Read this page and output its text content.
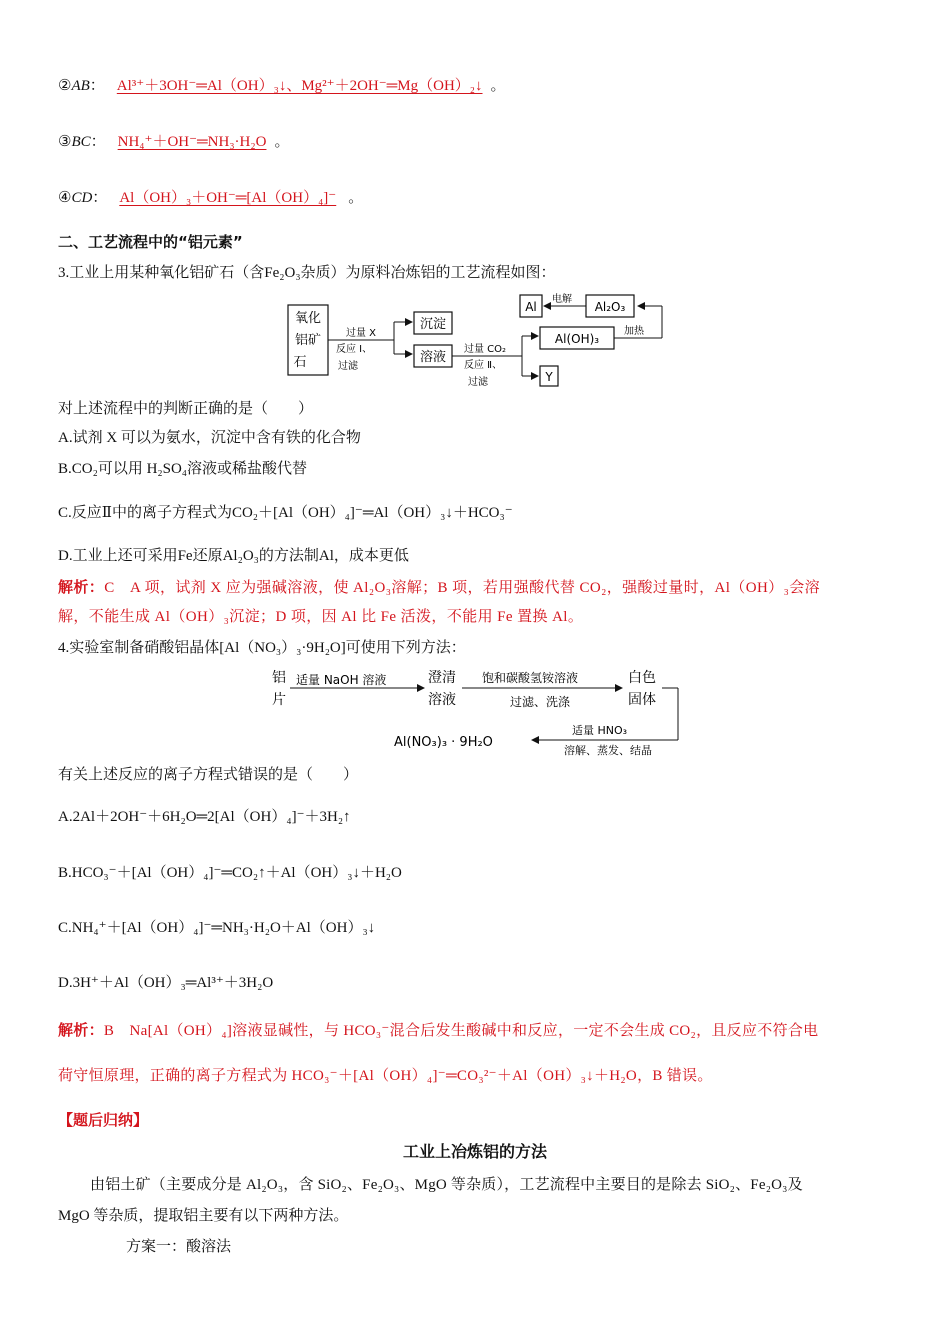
②AB： Al³⁺＋3OH⁻═Al（OH）₃↓、Mg²⁺＋2OH⁻═Mg（OH）₂↓ 。
③BC： NH₄⁺＋OH⁻═NH₃·H₂O 。
④CD： Al（OH）₃＋OH⁻═[Al（OH）₄]⁻ 。
二、工艺流程中的“铝元素”
3.工业上用某种氧化铝矿石（含Fe₂O₃杂质）为原料冶炼铝的工艺流程如图：
氧化
铝矿
石
过量 X
反应 Ⅰ、
过滤
沉淀
溶液
过量 CO₂
反应 Ⅱ、
过滤
Al(OH)₃
Y
加热
Al₂O₃
电解
Al
对上述流程中的判断正确的是（　　）
A.试剂 X 可以为氨水，沉淀中含有铁的化合物
B.CO₂可以用 H₂SO₄溶液或稀盐酸代替
C.反应Ⅱ中的离子方程式为CO₂＋[Al（OH）₄]⁻═Al（OH）₃↓＋HCO₃⁻
D.工业上还可采用Fe还原Al₂O₃的方法制Al，成本更低
解析：C　A 项，试剂 X 应为强碱溶液，使 Al₂O₃溶解；B 项，若用强酸代替 CO₂，强酸过量时，Al（OH）₃会溶
解，不能生成 Al（OH）₃沉淀；D 项，因 Al 比 Fe 活泼，不能用 Fe 置换 Al。
4.实验室制备硝酸铝晶体[Al（NO₃）₃·9H₂O]可使用下列方法：
铝
片
适量 NaOH 溶液	澄清
溶液
饱和碳酸氢铵溶液
过滤、洗涤
白色
固体
适量 HNO₃
溶解、蒸发、结晶
Al(NO₃)₃ · 9H₂O
有关上述反应的离子方程式错误的是（　　）
A.2Al＋2OH⁻＋6H₂O═2[Al（OH）₄]⁻＋3H₂↑
B.HCO₃⁻＋[Al（OH）₄]⁻═CO₂↑＋Al（OH）₃↓＋H₂O
C.NH₄⁺＋[Al（OH）₄]⁻═NH₃·H₂O＋Al（OH）₃↓
D.3H⁺＋Al（OH）₃═Al³⁺＋3H₂O
解析：B　Na[Al（OH）₄]溶液显碱性，与 HCO₃⁻混合后发生酸碱中和反应，一定不会生成 CO₂，且反应不符合电
荷守恒原理，正确的离子方程式为 HCO₃⁻＋[Al（OH）₄]⁻═CO₃²⁻＋Al（OH）₃↓＋H₂O，B 错误。
【题后归纳】
工业上冶炼铝的方法
由铝土矿（主要成分是 Al₂O₃，含 SiO₂、Fe₂O₃、MgO 等杂质），工艺流程中主要目的是除去 SiO₂、Fe₂O₃及
MgO 等杂质，提取铝主要有以下两种方法。
方案一：酸溶法
